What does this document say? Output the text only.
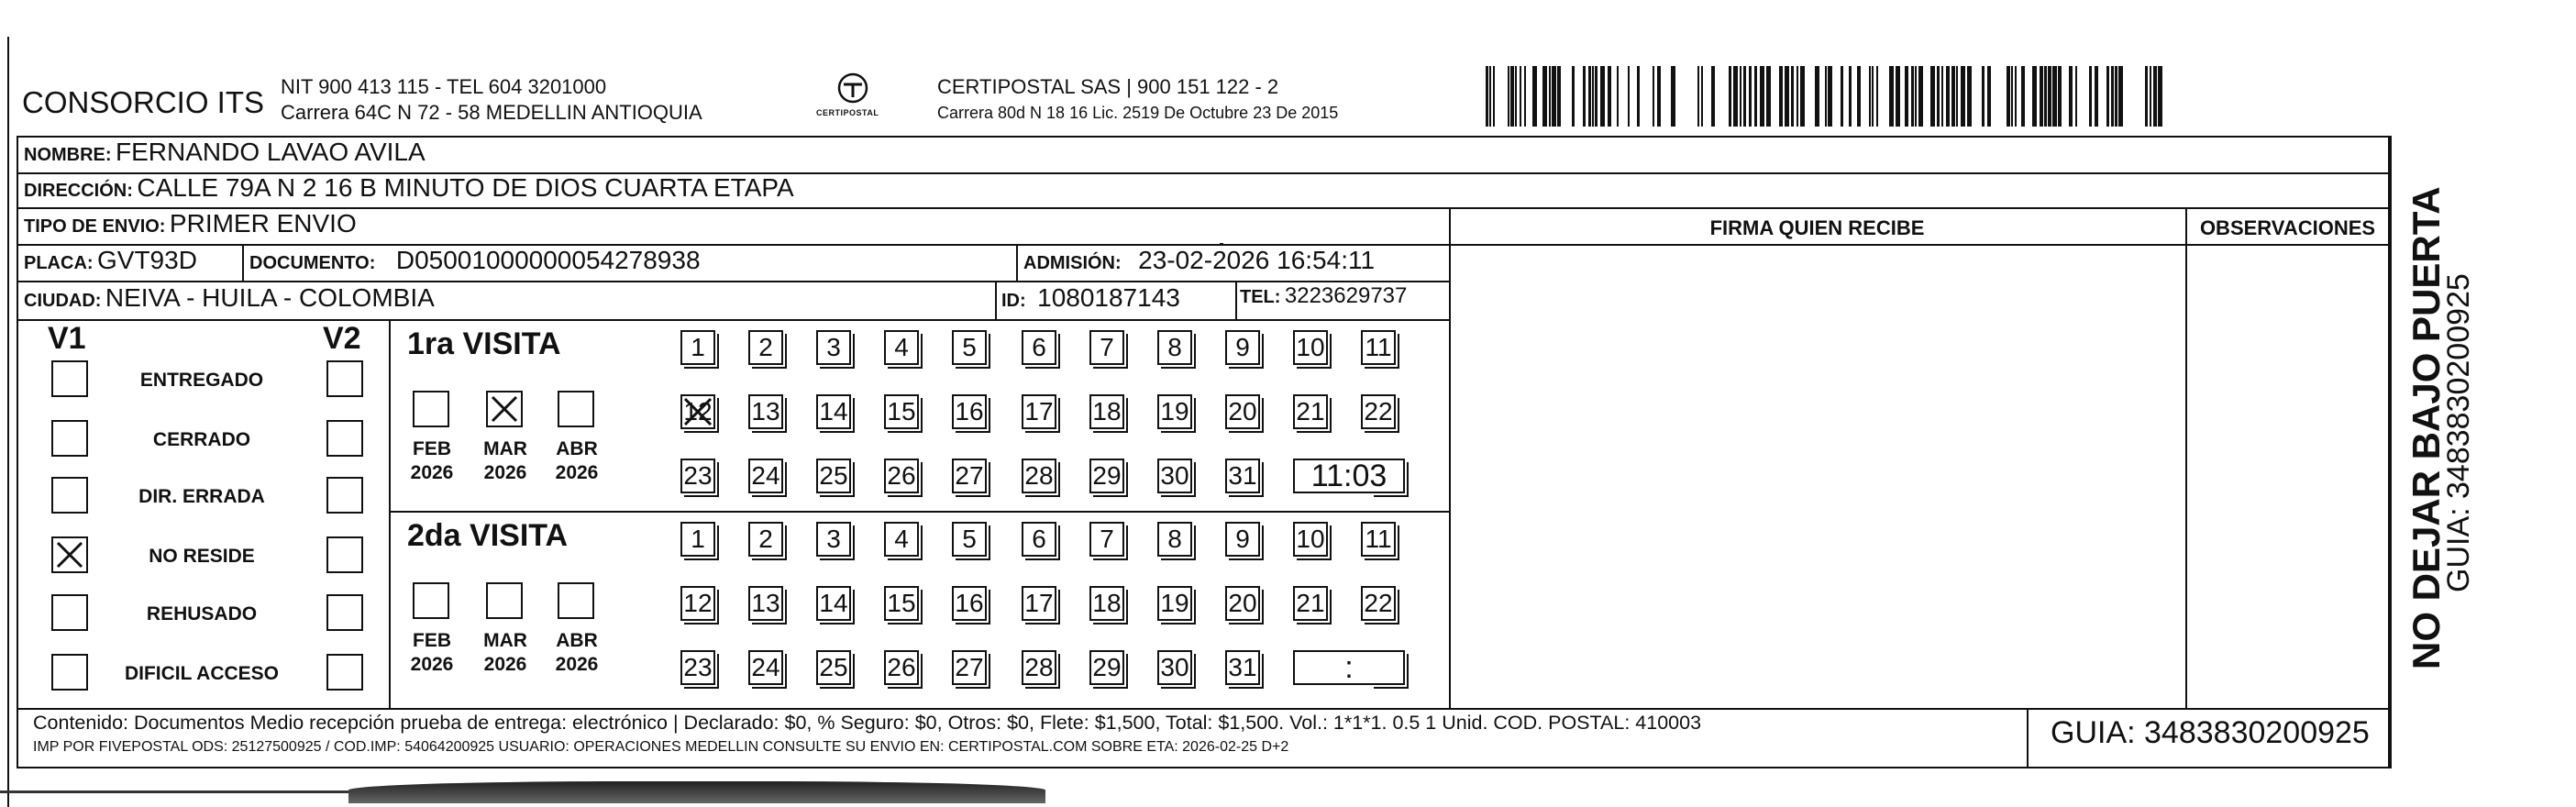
CONSORCIO ITS NIT 900 413 115 - TEL 604 3201000
Carrera 64C N 72 - 58 MEDELLIN ANTIOQUIA	CERTIPOSTAL
CERTIPOSTAL SAS | 900 151 122 - 2
Carrera 80d N 18 16 Lic. 2519 De Octubre 23 De 2015
NOMBRE: FERNANDO LAVAO AVILA
DIRECCIÓN: CALLE 79A N 2 16 B MINUTO DE DIOS CUARTA ETAPA
TIPO DE ENVIO: PRIMER ENVIO
PLACA: GVT93D	DOCUMENTO: D05001000000054278938	ADMISIÓN: 23-02-2026 16:54:11
CIUDAD: NEIVA - HUILA - COLOMBIA	ID: 1080187143	TEL: 3223629737
FIRMA QUIEN RECIBE	OBSERVACIONES
V1	V2
ENTREGADO
CERRADO
DIR. ERRADA
NO RESIDE
REHUSADO
DIFICIL ACCESO
1ra VISITA
FEB
2026
MAR
2026
ABR
2026
1	2	3	4	5	6	7	8	9	10 11
12 13 14 15 16 17 18 19 20 21 22
23 24 25 26 27 28 29 30 31	11:03
2da VISITA
FEB
2026
MAR
2026
ABR
2026
1	2	3	4	5	6	7	8	9	10 11
12 13 14 15 16 17 18 19 20 21 22
23 24 25 26 27 28 29 30 31	:
Contenido: Documentos Medio recepción prueba de entrega: electrónico | Declarado: $0, % Seguro: $0, Otros: $0, Flete: $1,500, Total: $1,500. Vol.: 1*1*1. 0.5 1 Unid. COD. POSTAL: 410003
IMP POR FIVEPOSTAL ODS: 25127500925 / COD.IMP: 54064200925 USUARIO: OPERACIONES MEDELLIN CONSULTE SU ENVIO EN: CERTIPOSTAL.COM SOBRE ETA: 2026-02-25 D+2	GUIA: 3483830200925
NO DEJAR BAJO PUERTA
GUIA: 3483830200925
